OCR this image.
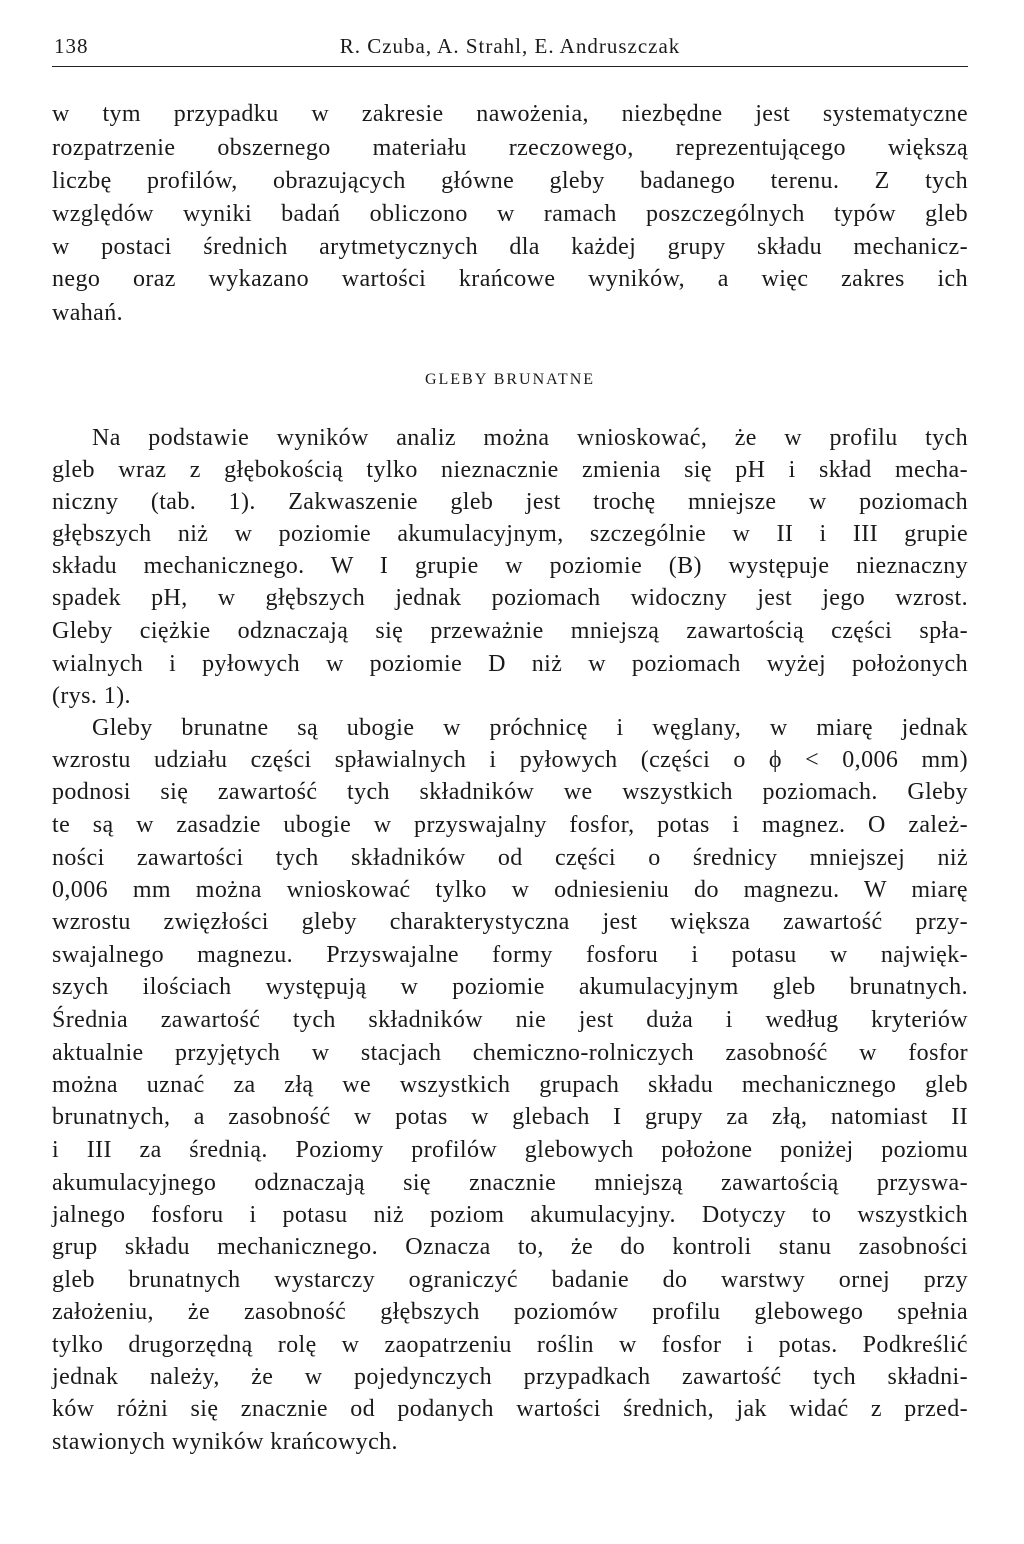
138	R. Czuba, A. Strahl, E. Andruszczak
w tym przypadku w zakresie nawożenia, niezbędne jest systematyczne
rozpatrzenie obszernego materiału rzeczowego, reprezentującego większą
liczbę profilów, obrazujących główne gleby badanego terenu. Z tych
względów wyniki badań obliczono w ramach poszczególnych typów gleb
w postaci średnich arytmetycznych dla każdej grupy składu mechanicz-
nego oraz wykazano wartości krańcowe wyników, a więc zakres ich
wahań.
GLEBY BRUNATNE
Na podstawie wyników analiz można wnioskować, że w profilu tych
gleb wraz z głębokością tylko nieznacznie zmienia się pH i skład mecha-
niczny (tab. 1). Zakwaszenie gleb jest trochę mniejsze w poziomach
głębszych niż w poziomie akumulacyjnym, szczególnie w II i III grupie
składu mechanicznego. W I grupie w poziomie (B) występuje nieznaczny
spadek pH, w głębszych jednak poziomach widoczny jest jego wzrost.
Gleby ciężkie odznaczają się przeważnie mniejszą zawartością części spła-
wialnych i pyłowych w poziomie D niż w poziomach wyżej położonych
(rys. 1).
Gleby brunatne są ubogie w próchnicę i węglany, w miarę jednak
wzrostu udziału części spławialnych i pyłowych (części o ϕ < 0,006 mm)
podnosi się zawartość tych składników we wszystkich poziomach. Gleby
te są w zasadzie ubogie w przyswajalny fosfor, potas i magnez. O zależ-
ności zawartości tych składników od części o średnicy mniejszej niż
0,006 mm można wnioskować tylko w odniesieniu do magnezu. W miarę
wzrostu zwięzłości gleby charakterystyczna jest większa zawartość przy-
swajalnego magnezu. Przyswajalne formy fosforu i potasu w najwięk-
szych ilościach występują w poziomie akumulacyjnym gleb brunatnych.
Średnia zawartość tych składników nie jest duża i według kryteriów
aktualnie przyjętych w stacjach chemiczno-rolniczych zasobność w fosfor
można uznać za złą we wszystkich grupach składu mechanicznego gleb
brunatnych, a zasobność w potas w glebach I grupy za złą, natomiast II
i III za średnią. Poziomy profilów glebowych położone poniżej poziomu
akumulacyjnego odznaczają się znacznie mniejszą zawartością przyswa-
jalnego fosforu i potasu niż poziom akumulacyjny. Dotyczy to wszystkich
grup składu mechanicznego. Oznacza to, że do kontroli stanu zasobności
gleb brunatnych wystarczy ograniczyć badanie do warstwy ornej przy
założeniu, że zasobność głębszych poziomów profilu glebowego spełnia
tylko drugorzędną rolę w zaopatrzeniu roślin w fosfor i potas. Podkreślić
jednak należy, że w pojedynczych przypadkach zawartość tych składni-
ków różni się znacznie od podanych wartości średnich, jak widać z przed-
stawionych wyników krańcowych.
